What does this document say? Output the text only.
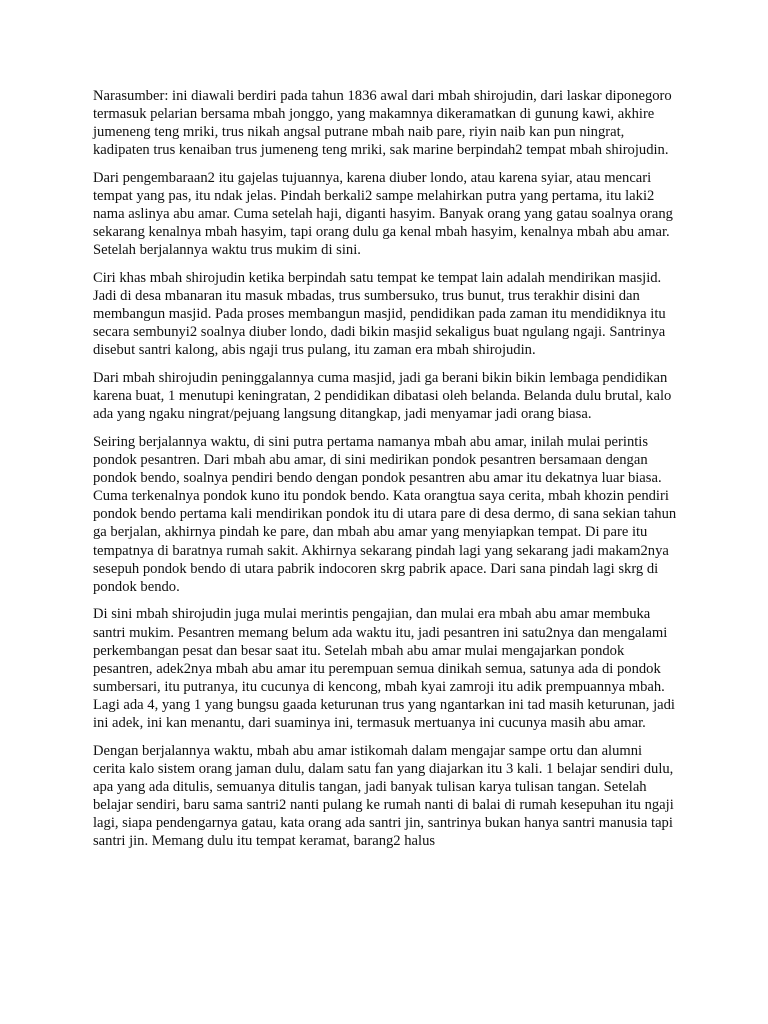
Narasumber: ini diawali berdiri pada tahun 1836 awal dari mbah shirojudin, dari laskar diponegoro termasuk pelarian bersama mbah jonggo, yang makamnya dikeramatkan di gunung kawi, akhire jumeneng teng mriki, trus nikah angsal putrane mbah naib pare, riyin naib kan pun ningrat, kadipaten trus kenaiban trus jumeneng teng mriki, sak marine berpindah2 tempat mbah shirojudin.

Dari pengembaraan2 itu gajelas tujuannya, karena diuber londo, atau karena syiar, atau mencari tempat yang pas, itu ndak jelas. Pindah berkali2 sampe melahirkan putra yang pertama, itu laki2 nama aslinya abu amar. Cuma setelah haji, diganti hasyim. Banyak orang yang gatau soalnya orang sekarang kenalnya mbah hasyim, tapi orang dulu ga kenal mbah hasyim, kenalnya mbah abu amar. Setelah berjalannya waktu trus mukim di sini.

Ciri khas mbah shirojudin ketika berpindah satu tempat ke tempat lain adalah mendirikan masjid. Jadi di desa mbanaran itu masuk mbadas, trus sumbersuko, trus bunut, trus terakhir disini dan membangun masjid. Pada proses membangun masjid, pendidikan pada zaman itu mendidiknya itu secara sembunyi2 soalnya diuber londo, dadi bikin masjid sekaligus buat ngulang ngaji. Santrinya disebut santri kalong, abis ngaji trus pulang, itu zaman era mbah shirojudin.

Dari mbah shirojudin peninggalannya cuma masjid, jadi ga berani bikin bikin lembaga pendidikan karena buat, 1 menutupi keningratan, 2 pendidikan dibatasi oleh belanda. Belanda dulu brutal, kalo ada yang ngaku ningrat/pejuang langsung ditangkap, jadi menyamar jadi orang biasa.

Seiring berjalannya waktu, di sini putra pertama namanya mbah abu amar, inilah mulai perintis pondok pesantren. Dari mbah abu amar, di sini medirikan pondok pesantren bersamaan dengan pondok bendo, soalnya pendiri bendo dengan pondok pesantren abu amar itu dekatnya luar biasa. Cuma terkenalnya pondok kuno itu pondok bendo. Kata orangtua saya cerita, mbah khozin pendiri pondok bendo pertama kali mendirikan pondok itu di utara pare di desa dermo, di sana sekian tahun ga berjalan, akhirnya pindah ke pare, dan mbah abu amar yang menyiapkan tempat. Di pare itu tempatnya di baratnya rumah sakit. Akhirnya sekarang pindah lagi yang sekarang jadi makam2nya sesepuh pondok bendo di utara pabrik indocoren skrg pabrik apace. Dari sana pindah lagi skrg di pondok bendo.

Di sini mbah shirojudin juga mulai merintis pengajian, dan mulai era mbah abu amar membuka santri mukim. Pesantren memang belum ada waktu itu, jadi pesantren ini satu2nya dan mengalami perkembangan pesat dan besar saat itu. Setelah mbah abu amar mulai mengajarkan pondok pesantren, adek2nya mbah abu amar itu perempuan semua dinikah semua, satunya ada di pondok sumbersari, itu putranya, itu cucunya di kencong, mbah kyai zamroji itu adik prempuannya mbah. Lagi ada 4, yang 1 yang bungsu gaada keturunan trus yang ngantarkan ini tad masih keturunan, jadi ini adek, ini kan menantu, dari suaminya ini, termasuk mertuanya ini cucunya masih abu amar.

Dengan berjalannya waktu, mbah abu amar istikomah dalam mengajar sampe ortu dan alumni cerita kalo sistem orang jaman dulu, dalam satu fan yang diajarkan itu 3 kali. 1 belajar sendiri dulu, apa yang ada ditulis, semuanya ditulis tangan, jadi banyak tulisan karya tulisan tangan. Setelah belajar sendiri, baru sama santri2 nanti pulang ke rumah nanti di balai di rumah kesepuhan itu ngaji lagi, siapa pendengarnya gatau, kata orang ada santri jin, santrinya bukan hanya santri manusia tapi santri jin. Memang dulu itu tempat keramat, barang2 halus
